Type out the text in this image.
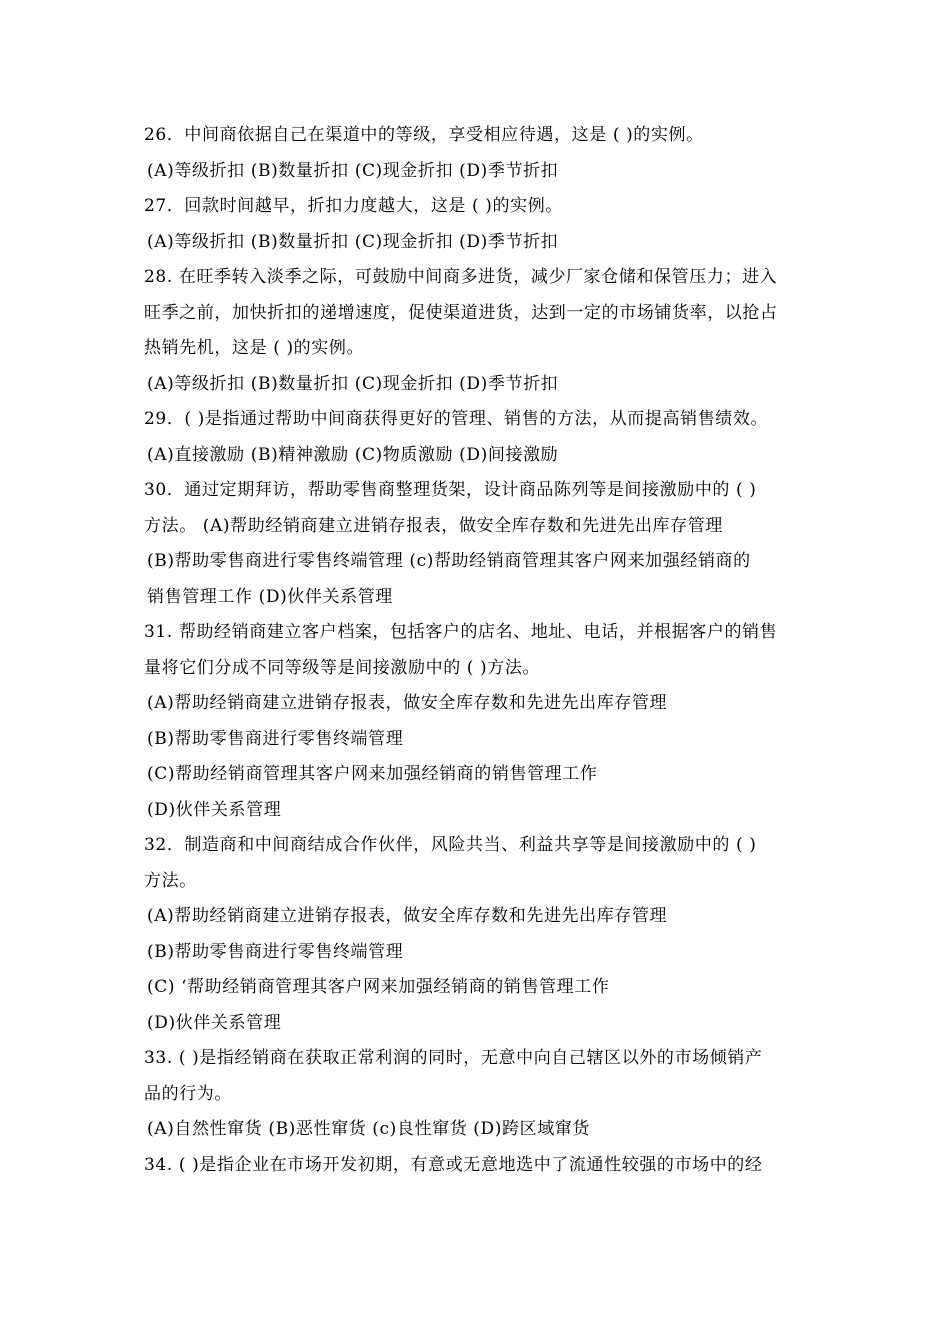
26．中间商依据自己在渠道中的等级，享受相应待遇，这是 ( )的实例。
(A)等级折扣 (B)数量折扣 (C)现金折扣 (D)季节折扣
27．回款时间越早，折扣力度越大，这是 ( )的实例。
(A)等级折扣 (B)数量折扣 (C)现金折扣 (D)季节折扣
28. 在旺季转入淡季之际，可鼓励中间商多进货，减少厂家仓储和保管压力；进入
旺季之前，加快折扣的递增速度，促使渠道进货，达到一定的市场铺货率，以抢占
热销先机，这是 ( )的实例。
(A)等级折扣 (B)数量折扣 (C)现金折扣 (D)季节折扣
29．( )是指通过帮助中间商获得更好的管理、销售的方法，从而提高销售绩效。
(A)直接激励 (B)精神激励 (C)物质激励 (D)间接激励
30．通过定期拜访，帮助零售商整理货架，设计商品陈列等是间接激励中的 ( )
方法。 (A)帮助经销商建立进销存报表，做安全库存数和先进先出库存管理
(B)帮助零售商进行零售终端管理 (c)帮助经销商管理其客户网来加强经销商的
销售管理工作 (D)伙伴关系管理
31. 帮助经销商建立客户档案，包括客户的店名、地址、电话，并根据客户的销售
量将它们分成不同等级等是间接激励中的 ( )方法。
(A)帮助经销商建立进销存报表，做安全库存数和先进先出库存管理
(B)帮助零售商进行零售终端管理
(C)帮助经销商管理其客户网来加强经销商的销售管理工作
(D)伙伴关系管理
32．制造商和中间商结成合作伙伴，风险共当、利益共享等是间接激励中的 ( )
方法。
(A)帮助经销商建立进销存报表，做安全库存数和先进先出库存管理
(B)帮助零售商进行零售终端管理
(C) ‘帮助经销商管理其客户网来加强经销商的销售管理工作
(D)伙伴关系管理
33. ( )是指经销商在获取正常利润的同时，无意中向自己辖区以外的市场倾销产
品的行为。
(A)自然性窜货 (B)恶性窜货 (c)良性窜货 (D)跨区域窜货
34. ( )是指企业在市场开发初期，有意或无意地选中了流通性较强的市场中的经
